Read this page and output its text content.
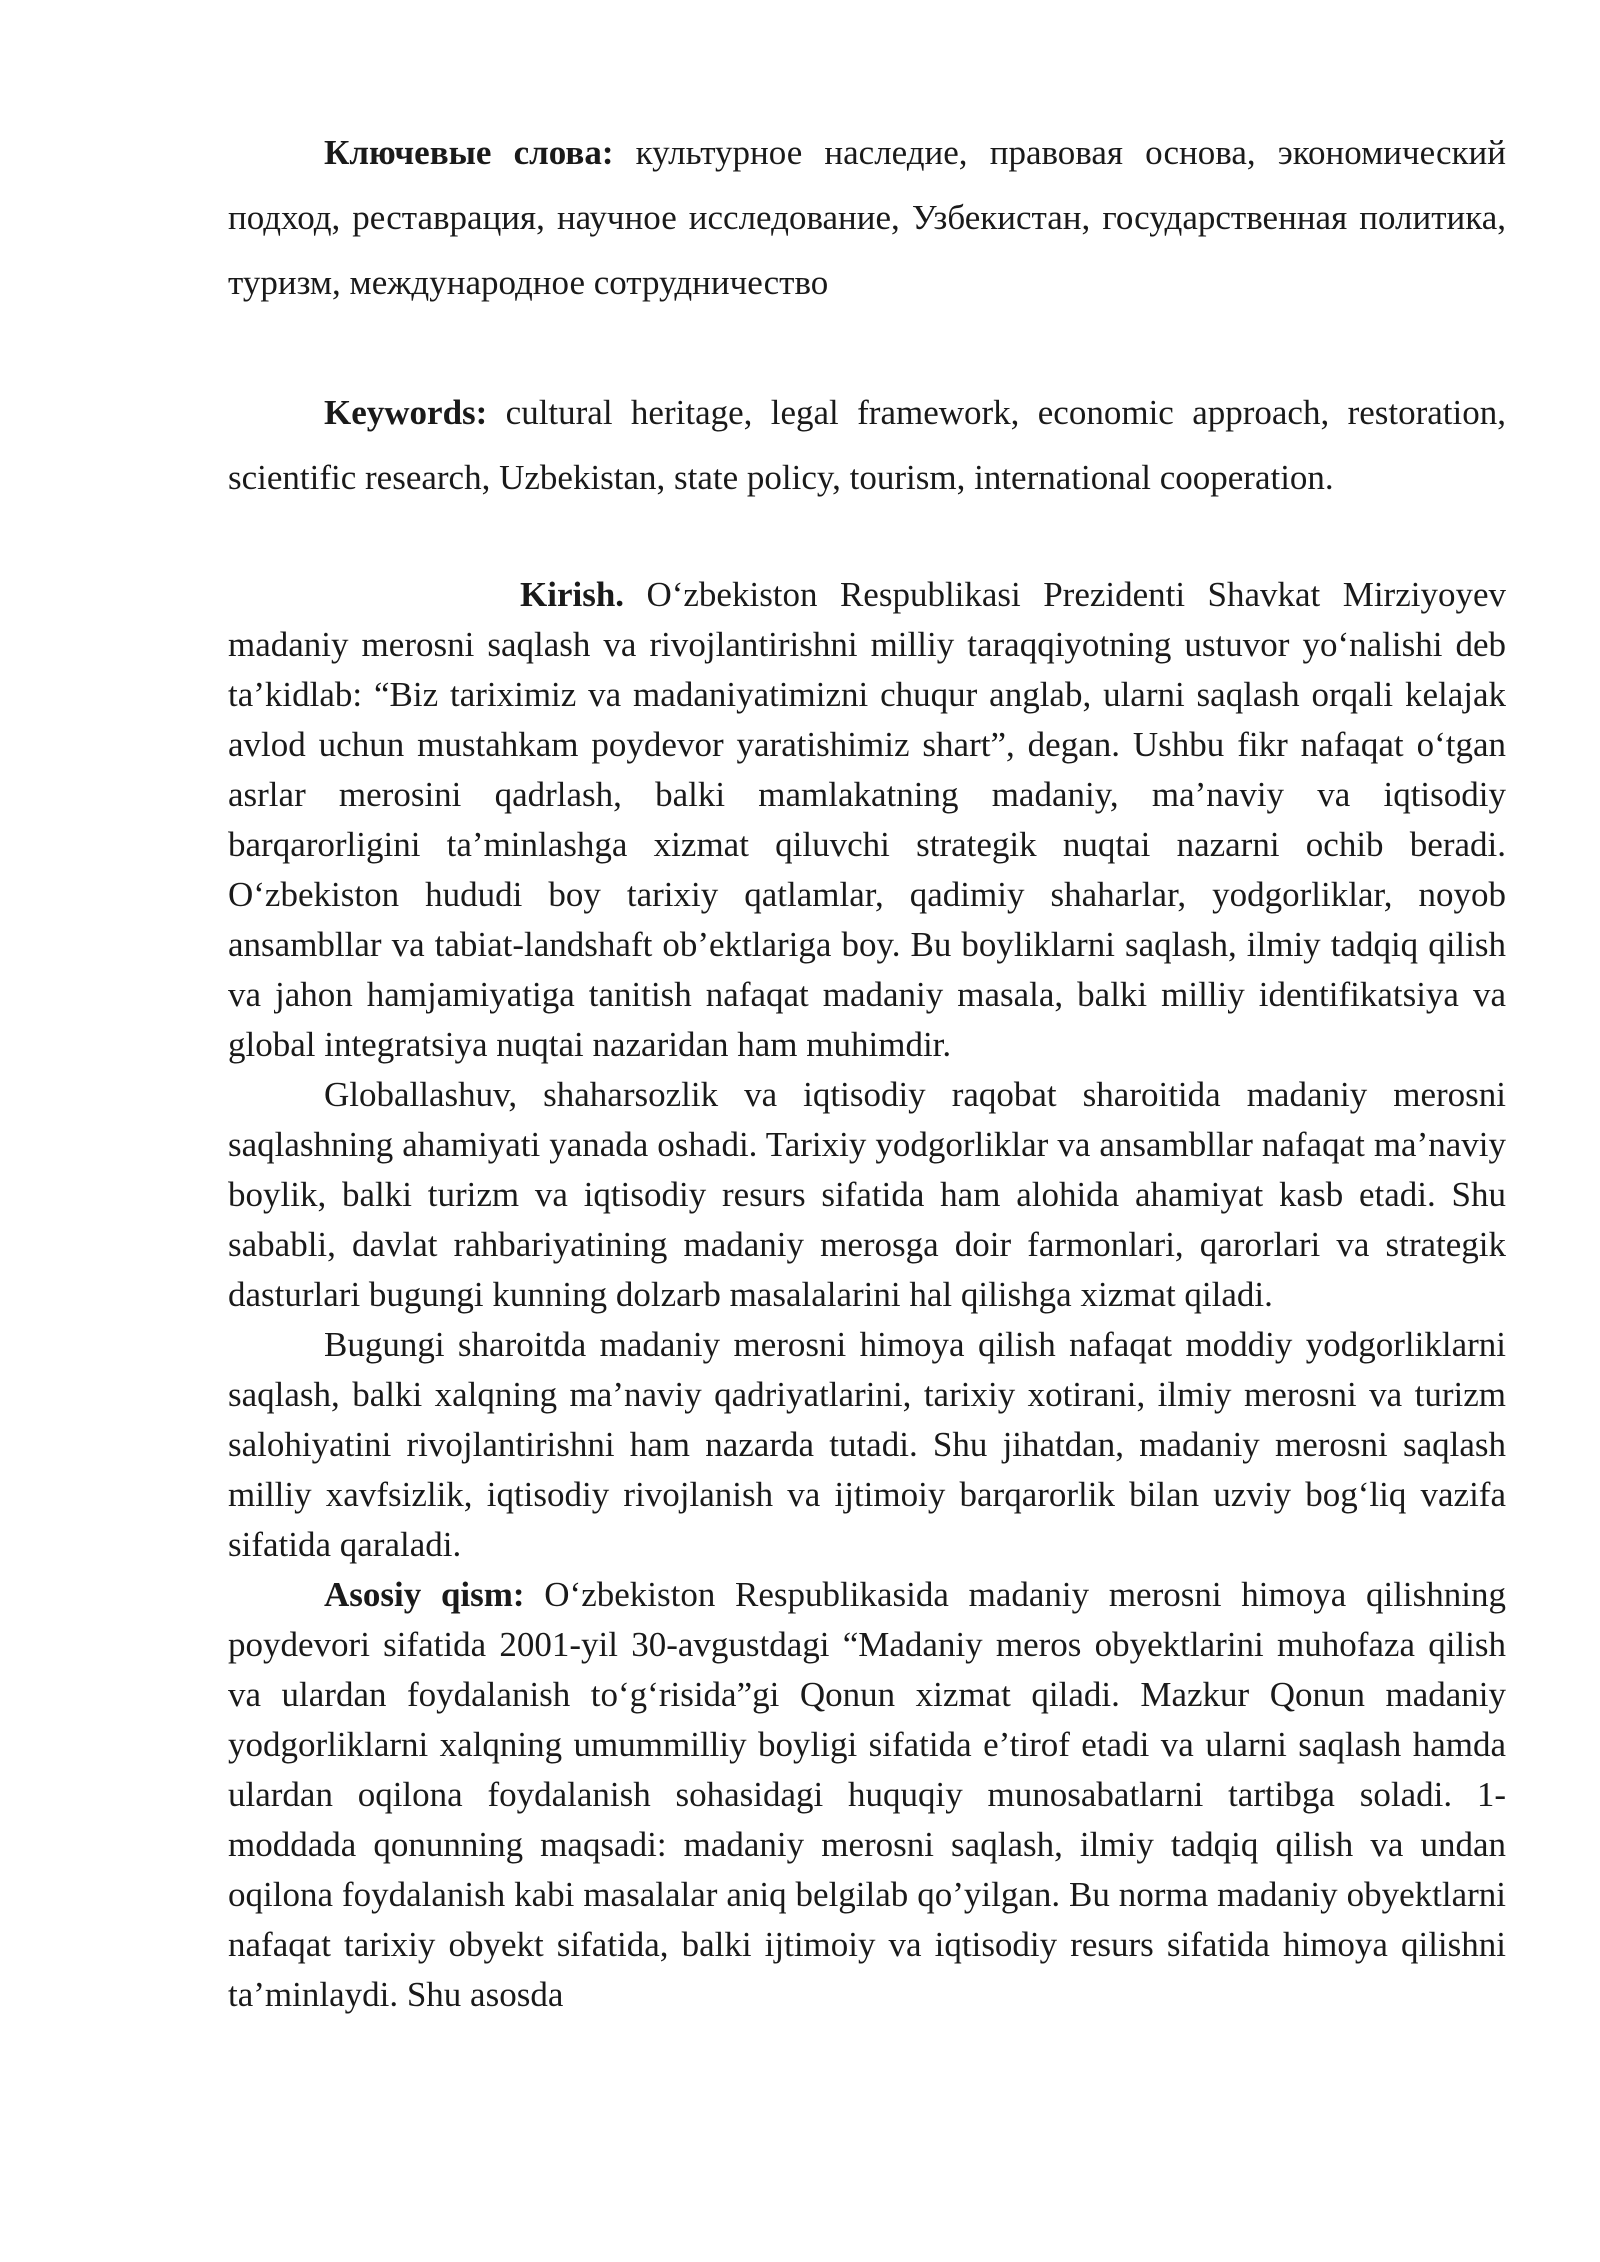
Ключевые слова: культурное наследие, правовая основа, экономический подход, реставрация, научное исследование, Узбекистан, государственная политика, туризм, международное сотрудничество

Keywords: cultural heritage, legal framework, economic approach, restoration, scientific research, Uzbekistan, state policy, tourism, international cooperation.

Kirish. O‘zbekiston Respublikasi Prezidenti Shavkat Mirziyoyev madaniy merosni saqlash va rivojlantirishni milliy taraqqiyotning ustuvor yo‘nalishi deb ta’kidlab: “Biz tariximiz va madaniyatimizni chuqur anglab, ularni saqlash orqali kelajak avlod uchun mustahkam poydevor yaratishimiz shart”, degan. Ushbu fikr nafaqat o‘tgan asrlar merosini qadrlash, balki mamlakatning madaniy, ma’naviy va iqtisodiy barqarorligini ta’minlashga xizmat qiluvchi strategik nuqtai nazarni ochib beradi. O‘zbekiston hududi boy tarixiy qatlamlar, qadimiy shaharlar, yodgorliklar, noyob ansambllar va tabiat-landshaft ob’ektlariga boy. Bu boyliklarni saqlash, ilmiy tadqiq qilish va jahon hamjamiyatiga tanitish nafaqat madaniy masala, balki milliy identifikatsiya va global integratsiya nuqtai nazaridan ham muhimdir.

Globallashuv, shaharsozlik va iqtisodiy raqobat sharoitida madaniy merosni saqlashning ahamiyati yanada oshadi. Tarixiy yodgorliklar va ansambllar nafaqat ma’naviy boylik, balki turizm va iqtisodiy resurs sifatida ham alohida ahamiyat kasb etadi. Shu sababli, davlat rahbariyatining madaniy merosga doir farmonlari, qarorlari va strategik dasturlari bugungi kunning dolzarb masalalarini hal qilishga xizmat qiladi.

Bugungi sharoitda madaniy merosni himoya qilish nafaqat moddiy yodgorliklarni saqlash, balki xalqning ma’naviy qadriyatlarini, tarixiy xotirani, ilmiy merosni va turizm salohiyatini rivojlantirishni ham nazarda tutadi. Shu jihatdan, madaniy merosni saqlash milliy xavfsizlik, iqtisodiy rivojlanish va ijtimoiy barqarorlik bilan uzviy bog‘liq vazifa sifatida qaraladi.

Asosiy qism: O‘zbekiston Respublikasida madaniy merosni himoya qilishning poydevori sifatida 2001-yil 30-avgustdagi “Madaniy meros obyektlarini muhofaza qilish va ulardan foydalanish to‘g‘risida”gi Qonun xizmat qiladi. Mazkur Qonun madaniy yodgorliklarni xalqning umummilliy boyligi sifatida e’tirof etadi va ularni saqlash hamda ulardan oqilona foydalanish sohasidagi huquqiy munosabatlarni tartibga soladi. 1-moddada qonunning maqsadi: madaniy merosni saqlash, ilmiy tadqiq qilish va undan oqilona foydalanish kabi masalalar aniq belgilab qo’yilgan. Bu norma madaniy obyektlarni nafaqat tarixiy obyekt sifatida, balki ijtimoiy va iqtisodiy resurs sifatida himoya qilishni ta’minlaydi. Shu asosda
